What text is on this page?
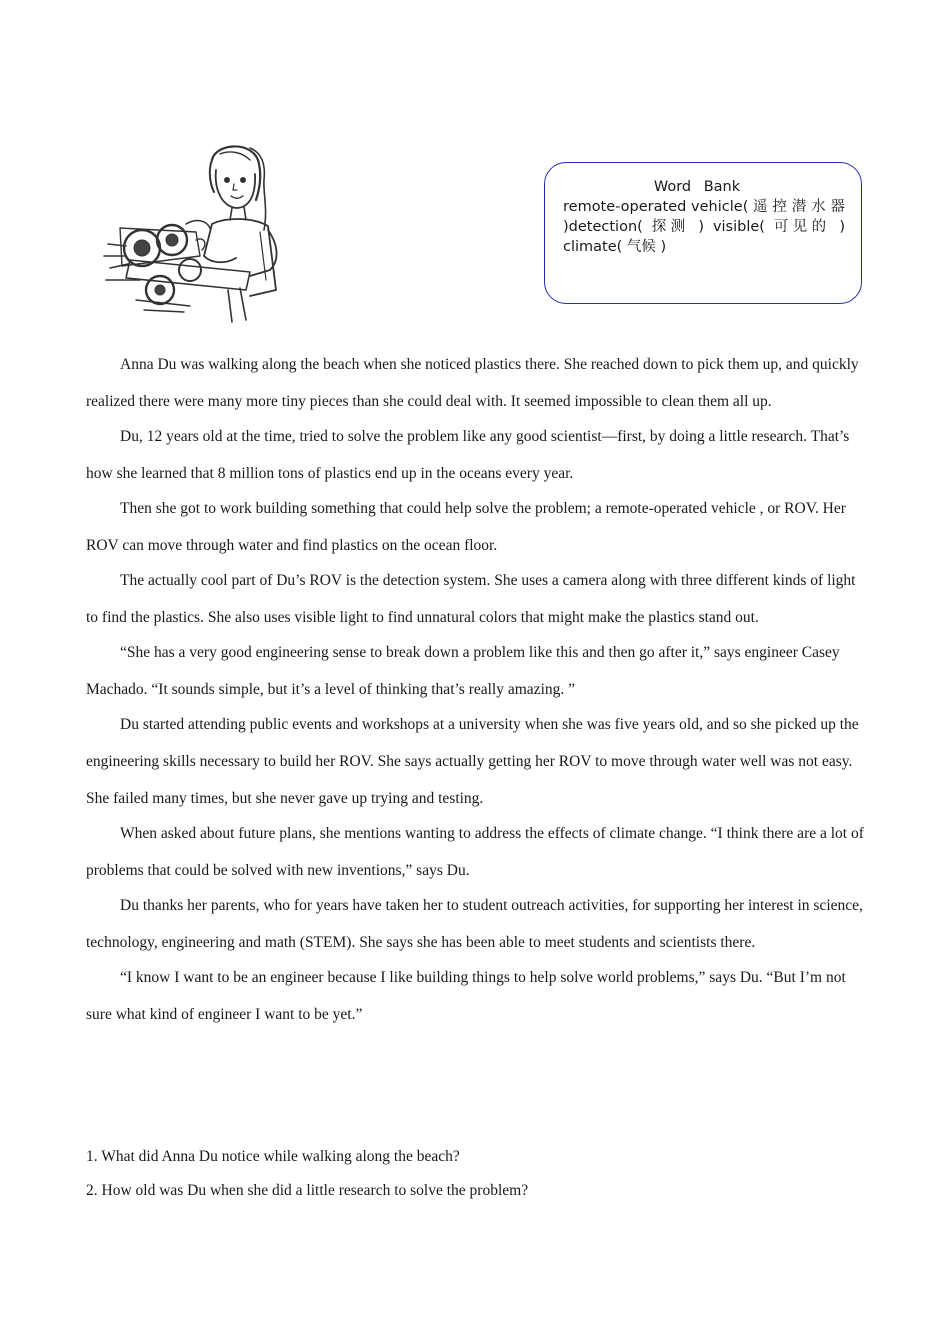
Word Bank
remote-operated vehicle( 遥 控 潜 水 器 )detection( 探测 ) visible( 可见的 ) climate( 气候 )

Anna Du was walking along the beach when she noticed plastics there. She reached down to pick them up, and quickly realized there were many more tiny pieces than she could deal with. It seemed impossible to clean them all up.

Du, 12 years old at the time, tried to solve the problem like any good scientist—first, by doing a little research. That’s how she learned that 8 million tons of plastics end up in the oceans every year.

Then she got to work building something that could help solve the problem; a remote-operated vehicle , or ROV. Her ROV can move through water and find plastics on the ocean floor.

The actually cool part of Du’s ROV is the detection system. She uses a camera along with three different kinds of light to find the plastics. She also uses visible light to find unnatural colors that might make the plastics stand out.

“She has a very good engineering sense to break down a problem like this and then go after it,” says engineer Casey Machado. “It sounds simple, but it’s a level of thinking that’s really amazing. ”

Du started attending public events and workshops at a university when she was five years old, and so she picked up the engineering skills necessary to build her ROV. She says actually getting her ROV to move through water well was not easy. She failed many times, but she never gave up trying and testing.

When asked about future plans, she mentions wanting to address the effects of climate change. “I think there are a lot of problems that could be solved with new inventions,” says Du.

Du thanks her parents, who for years have taken her to student outreach activities, for supporting her interest in science, technology, engineering and math (STEM). She says she has been able to meet students and scientists there.

“I know I want to be an engineer because I like building things to help solve world problems,” says Du. “But I’m not sure what kind of engineer I want to be yet.”

1. What did Anna Du notice while walking along the beach?
2. How old was Du when she did a little research to solve the problem?
